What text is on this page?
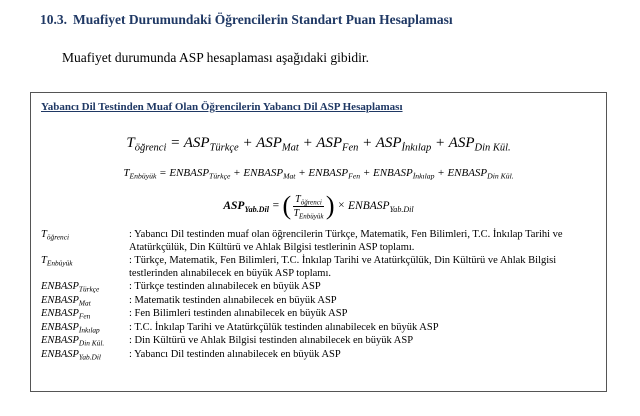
10.3. Muafiyet Durumundaki Öğrencilerin Standart Puan Hesaplaması
Muafiyet durumunda ASP hesaplaması aşağıdaki gibidir.
Yabancı Dil Testinden Muaf Olan Öğrencilerin Yabancı Dil ASP Hesaplaması
$T_{öğrenci} = ASP_{Türkçe} + ASP_{Mat} + ASP_{Fen} + ASP_{İnkılap} + ASP_{Din Kül.}$
$T_{Enbüyük}$ = $ENBASP_{Türkçe}$ + $ENBASP_{Mat}$ + $ENBASP_{Fen}$ + $ENBASP_{İnkılap}$ + $ENBASP_{Din Kül.}$
$ASP_{Yab.Dil}$ = ( $\frac{T_{öğrenci}}{T_{Enbüyük}}$ ) × $ENBASP_{Yab.Dil}$
$T_{öğrenci}$	: Yabancı Dil testinden muaf olan öğrencilerin Türkçe, Matematik, Fen Bilimleri, T.C. İnkılap Tarihi ve Atatürkçülük, Din Kültürü ve Ahlak Bilgisi testlerinin ASP toplamı.
$T_{Enbüyük}$	: Türkçe, Matematik, Fen Bilimleri, T.C. İnkılap Tarihi ve Atatürkçülük, Din Kültürü ve Ahlak Bilgisi testlerinden alınabilecek en büyük ASP toplamı.
$ENBASP_{Türkçe}$	: Türkçe testinden alınabilecek en büyük ASP
$ENBASP_{Mat}$	: Matematik testinden alınabilecek en büyük ASP
$ENBASP_{Fen}$	: Fen Bilimleri testinden alınabilecek en büyük ASP
$ENBASP_{İnkılap}$	: T.C. İnkılap Tarihi ve Atatürkçülük testinden alınabilecek en büyük ASP
$ENBASP_{Din Kül.}$	: Din Kültürü ve Ahlak Bilgisi testinden alınabilecek en büyük ASP
$ENBASP_{Yab.Dil}$	: Yabancı Dil testinden alınabilecek en büyük ASP
